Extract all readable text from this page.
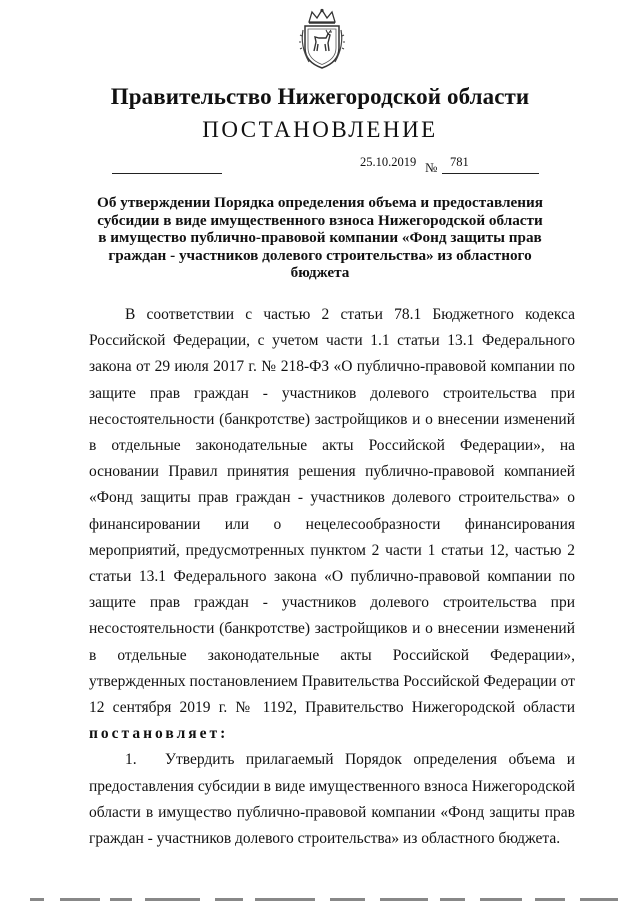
Правительство Нижегородской области
ПОСТАНОВЛЕНИЕ
25.10.2019 № 781
Об утверждении Порядка определения объема и предоставления субсидии в виде имущественного взноса Нижегородской области в имущество публично-правовой компании «Фонд защиты прав граждан - участников долевого строительства» из областного бюджета

В соответствии с частью 2 статьи 78.1 Бюджетного кодекса Российской Федерации, с учетом части 1.1 статьи 13.1 Федерального закона от 29 июля 2017 г. № 218-ФЗ «О публично-правовой компании по защите прав граждан - участников долевого строительства при несостоятельности (банкротстве) застройщиков и о внесении изменений в отдельные законодательные акты Российской Федерации», на основании Правил принятия решения публично-правовой компанией «Фонд защиты прав граждан - участников долевого строительства» о финансировании или о нецелесообразности финансирования мероприятий, предусмотренных пунктом 2 части 1 статьи 12, частью 2 статьи 13.1 Федерального закона «О публично-правовой компании по защите прав граждан - участников долевого строительства при несостоятельности (банкротстве) застройщиков и о внесении изменений в отдельные законодательные акты Российской Федерации», утвержденных постановлением Правительства Российской Федерации от 12 сентября 2019 г. № 1192, Правительство Нижегородской области постановляет:

1. Утвердить прилагаемый Порядок определения объема и предоставления субсидии в виде имущественного взноса Нижегородской области в имущество публично-правовой компании «Фонд защиты прав граждан - участников долевого строительства» из областного бюджета.
